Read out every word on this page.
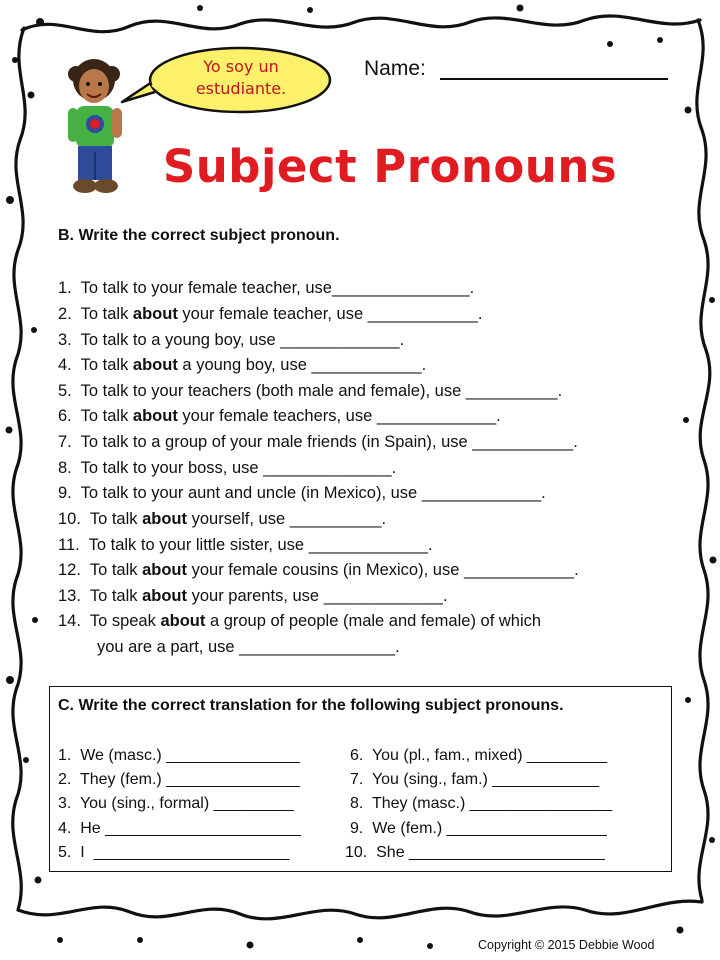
Yo soy un estudiante.
Name:
Subject Pronouns
B. Write the correct subject pronoun.
1. To talk to your female teacher, use_______________.
2. To talk about your female teacher, use ____________.
3. To talk to a young boy, use _____________.
4. To talk about a young boy, use ____________.
5. To talk to your teachers (both male and female), use __________.
6. To talk about your female teachers, use _____________.
7. To talk to a group of your male friends (in Spain), use ___________.
8. To talk to your boss, use ______________.
9. To talk to your aunt and uncle (in Mexico), use _____________.
10. To talk about yourself, use __________.
11. To talk to your little sister, use _____________.
12. To talk about your female cousins (in Mexico), use ____________.
13. To talk about your parents, use _____________.
14. To speak about a group of people (male and female) of which
you are a part, use _________________.
C. Write the correct translation for the following subject pronouns.
1.  We (masc.) _______________
2.  They (fem.) _______________
3.  You (sing., formal) _________
4.  He ______________________
5.  I  ______________________
6.  You (pl., fam., mixed) _________
7.  You (sing., fam.) ____________
8.  They (masc.) ________________
9.  We (fem.) __________________
10.  She ______________________
Copyright © 2015 Debbie Wood
